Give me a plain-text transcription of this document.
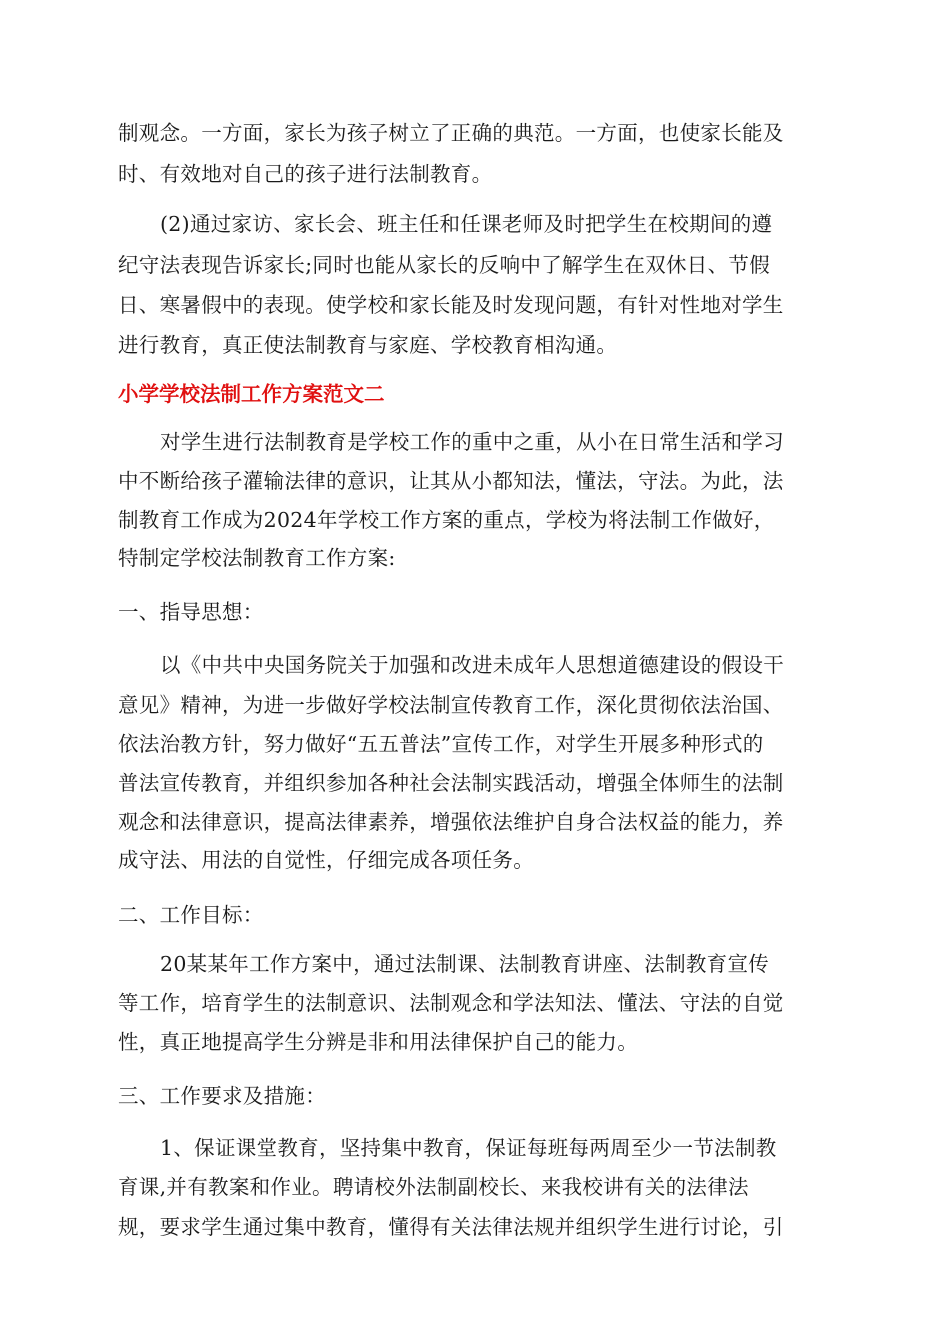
制观念。一方面，家长为孩子树立了正确的典范。一方面，也使家长能及
时、有效地对自己的孩子进行法制教育。
(2)通过家访、家长会、班主任和任课老师及时把学生在校期间的遵
纪守法表现告诉家长;同时也能从家长的反响中了解学生在双休日、节假
日、寒暑假中的表现。使学校和家长能及时发现问题，有针对性地对学生
进行教育，真正使法制教育与家庭、学校教育相沟通。
小学学校法制工作方案范文二
对学生进行法制教育是学校工作的重中之重，从小在日常生活和学习
中不断给孩子灌输法律的意识，让其从小都知法，懂法，守法。为此，法
制教育工作成为2024年学校工作方案的重点，学校为将法制工作做好，
特制定学校法制教育工作方案:
一、指导思想：
以《中共中央国务院关于加强和改进未成年人思想道德建设的假设干
意见》精神，为进一步做好学校法制宣传教育工作，深化贯彻依法治国、
依法治教方针，努力做好“五五普法”宣传工作，对学生开展多种形式的
普法宣传教育，并组织参加各种社会法制实践活动，增强全体师生的法制
观念和法律意识，提高法律素养，增强依法维护自身合法权益的能力，养
成守法、用法的自觉性，仔细完成各项任务。
二、工作目标：
20某某年工作方案中，通过法制课、法制教育讲座、法制教育宣传
等工作，培育学生的法制意识、法制观念和学法知法、懂法、守法的自觉
性，真正地提高学生分辨是非和用法律保护自己的能力。
三、工作要求及措施：
1、保证课堂教育，坚持集中教育，保证每班每两周至少一节法制教
育课,并有教案和作业。聘请校外法制副校长、来我校讲有关的法律法
规，要求学生通过集中教育，懂得有关法律法规并组织学生进行讨论，引
